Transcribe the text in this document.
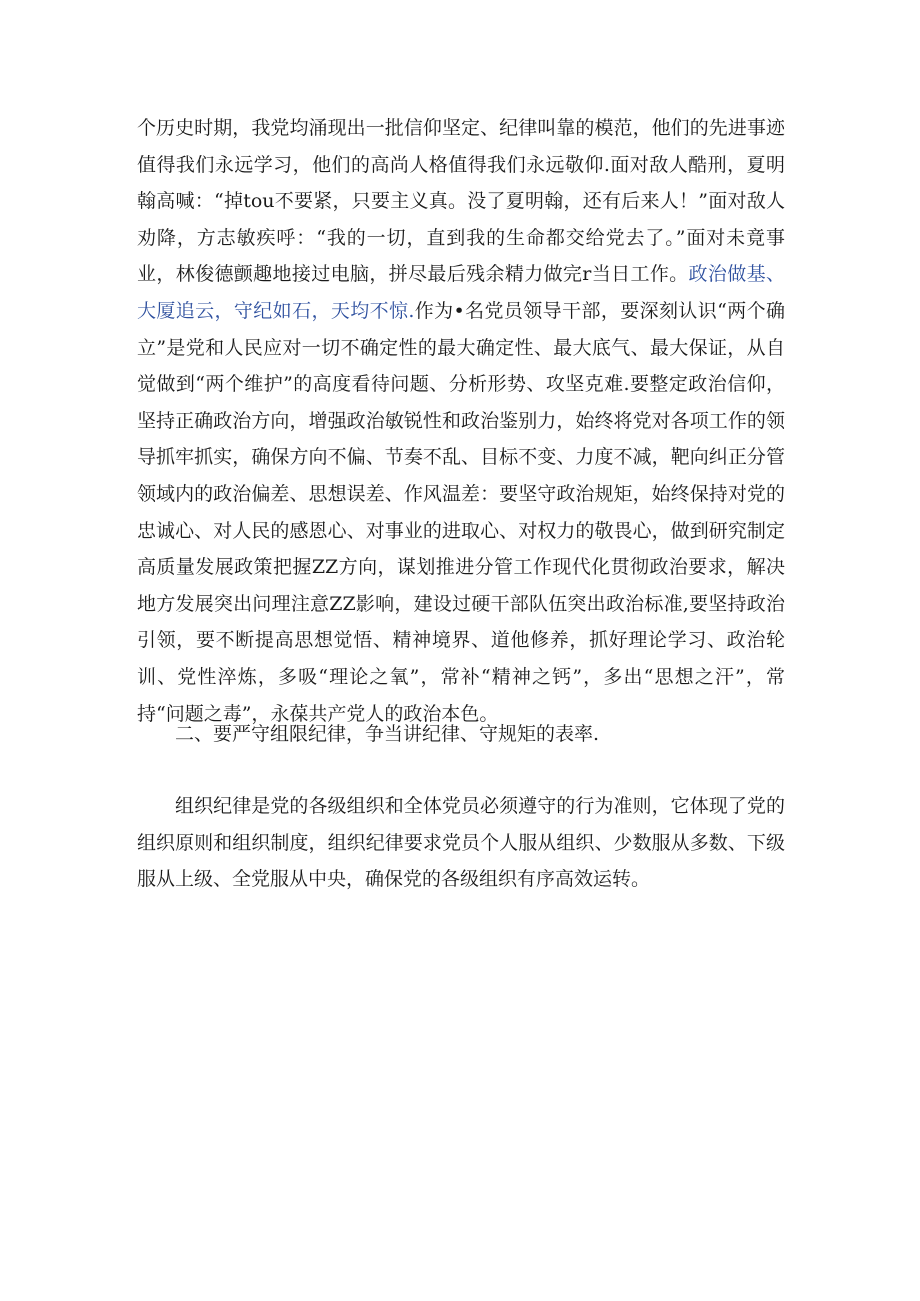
个历史时期，我党均涌现出一批信仰坚定、纪律叫靠的模范，他们的先进事迹值得我们永远学习，他们的高尚人格值得我们永远敬仰.面对敌人酷刑，夏明翰高喊：“掉tou不要紧，只要主义真。没了夏明翰，还有后来人！”面对敌人劝降，方志敏疾呼：“我的一切，直到我的生命都交给党去了。”面对未竟事业，林俊德颤趣地接过电脑，拼尽最后残余精力做完r当日工作。政治做基、大厦追云，守纪如石，天均不惊.作为•名党员领导干部，要深刻认识“两个确立”是党和人民应对一切不确定性的最大确定性、最大底气、最大保证，从自觉做到“两个维护”的高度看待问题、分析形势、攻坚克难.要整定政治信仰，坚持正确政治方向，增强政治敏锐性和政治鉴别力，始终将党对各项工作的领导抓牢抓实，确保方向不偏、节奏不乱、目标不变、力度不减，靶向纠正分管领域内的政治偏差、思想误差、作风温差：要坚守政治规矩，始终保持对党的忠诚心、对人民的感恩心、对事业的进取心、对权力的敬畏心，做到研究制定高质量发展政策把握ZZ方向，谋划推进分管工作现代化贯彻政治要求，解决地方发展突出问理注意ZZ影响，建设过硬干部队伍突出政治标准,要坚持政治引领，要不断提高思想觉悟、精神境界、道他修养，抓好理论学习、政治轮训、党性淬炼，多吸“理论之氧”，常补“精神之钙”，多出“思想之汗”，常持“问题之毒”，永葆共产党人的政治本色。

二、要严守组限纪律，争当讲纪律、守规矩的表率.

组织纪律是党的各级组织和全体党员必须遵守的行为准则，它体现了党的组织原则和组织制度，组织纪律要求党员个人服从组织、少数服从多数、下级服从上级、全党服从中央，确保党的各级组织有序高效运转。
